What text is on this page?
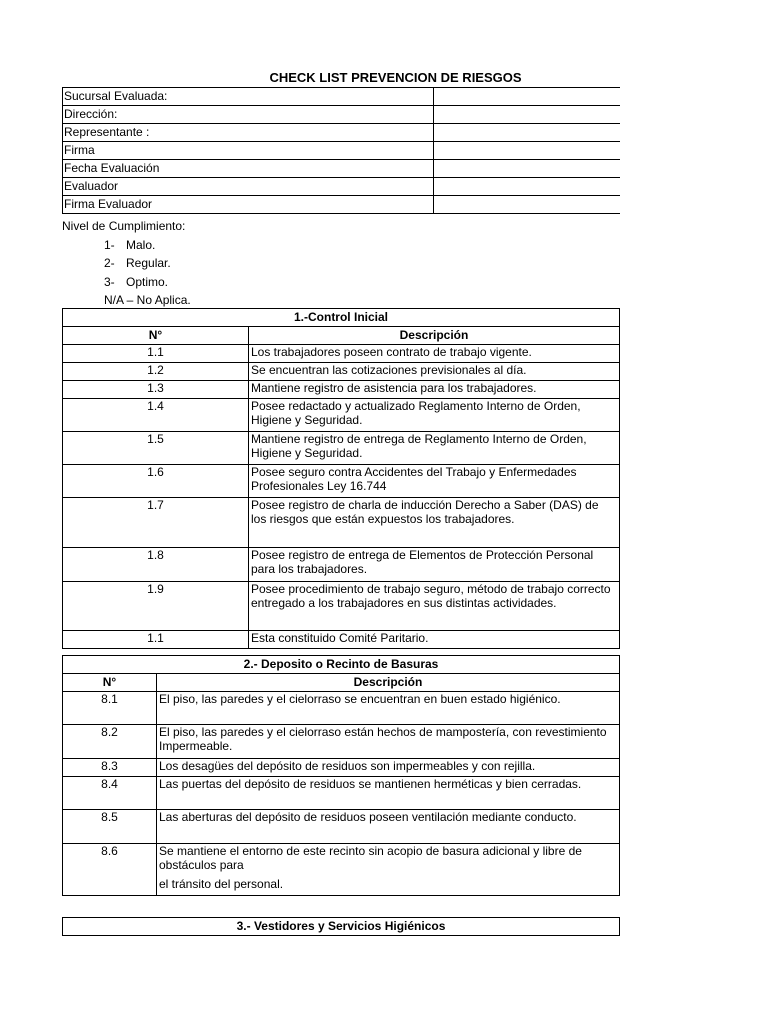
CHECK LIST PREVENCION DE RIESGOS
Sucursal Evaluada:	
Dirección:	
Representante :	
Firma	
Fecha Evaluación	
Evaluador	
Firma Evaluador	
Nivel de Cumplimiento:
1- Malo.
2- Regular.
3- Optimo.
N/A – No Aplica.
1.-Control Inicial	
N°	Descripción
1.1	Los trabajadores poseen contrato de trabajo vigente.

1.2	Se encuentran las cotizaciones previsionales al día.

1.3	Mantiene registro de asistencia para los trabajadores.

1.4	Posee redactado y actualizado Reglamento Interno de Orden, Higiene y Seguridad.

1.5	Mantiene registro de entrega de Reglamento Interno de Orden, Higiene y Seguridad.

1.6	Posee seguro contra Accidentes del Trabajo y Enfermedades Profesionales Ley 16.744

1.7	Posee registro de charla de inducción Derecho a Saber (DAS) de los riesgos que están expuestos los trabajadores.

1.8	Posee registro de entrega de Elementos de Protección Personal para los trabajadores.

1.9	Posee procedimiento de trabajo seguro, método de trabajo correcto entregado a los trabajadores en sus distintas actividades.

1.1	Esta constituido Comité Paritario.
2.- Deposito o Recinto de Basuras	
N°	Descripción
8.1	El piso, las paredes y el cielorraso se encuentran en buen estado higiénico.

8.2	El piso, las paredes y el cielorraso están hechos de mampostería, con revestimiento Impermeable.

8.3	Los desagües del depósito de residuos son impermeables y con rejilla.

8.4	Las puertas del depósito de residuos se mantienen herméticas y bien cerradas.

8.5	Las aberturas del depósito de residuos poseen ventilación mediante conducto.

8.6	Se mantiene el entorno de este recinto sin acopio de basura adicional y libre de obstáculos para
el tránsito del personal.
3.- Vestidores y Servicios Higiénicos
